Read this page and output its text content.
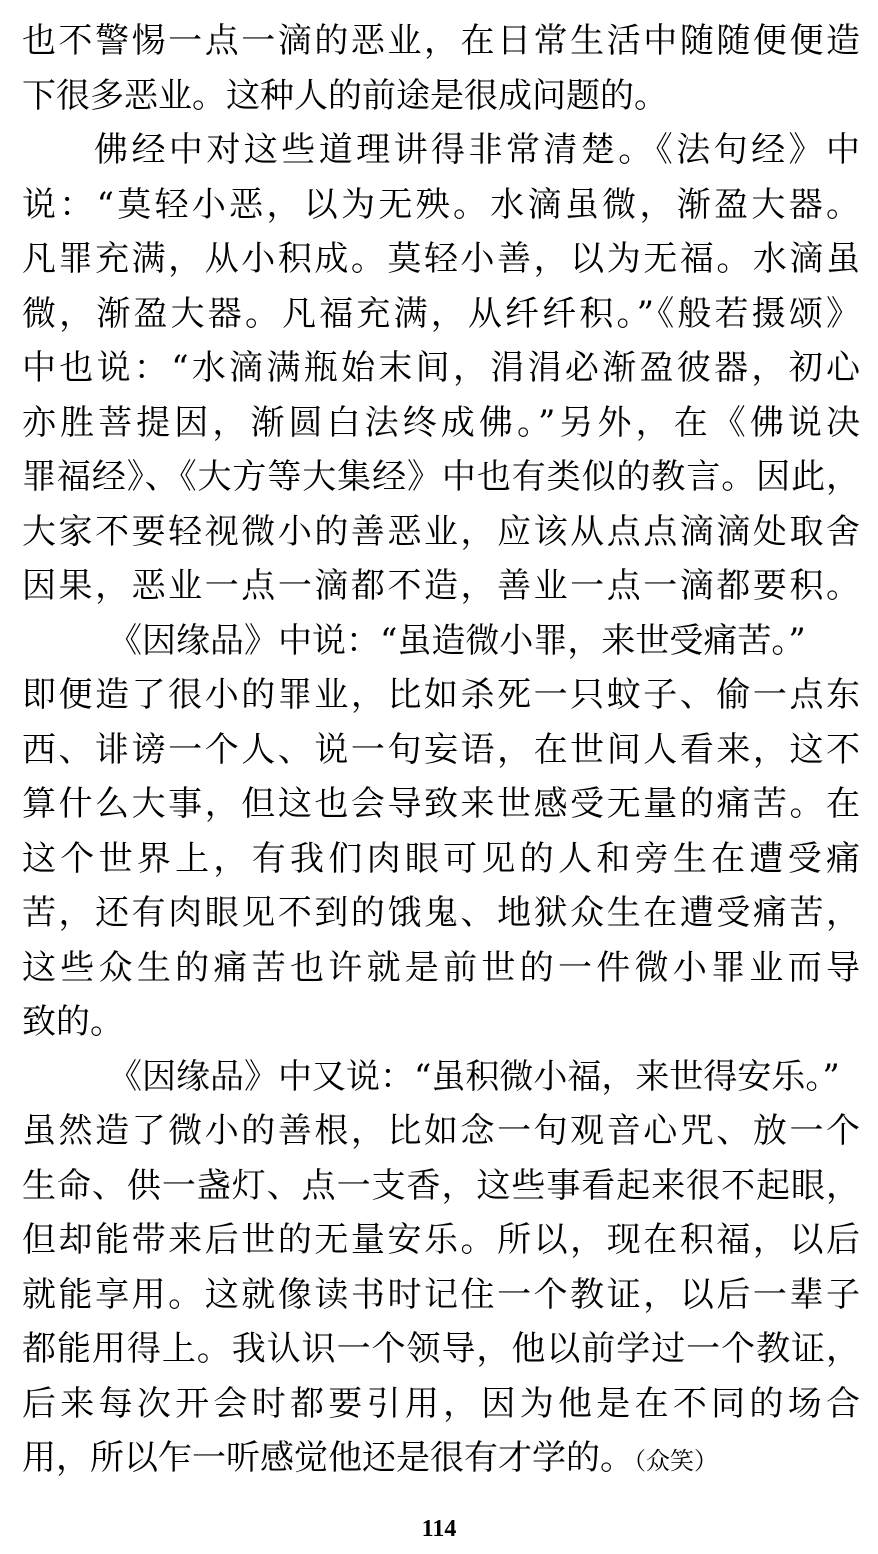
也不警惕一点一滴的恶业，在日常生活中随随便便造
下很多恶业。这种人的前途是很成问题的。
佛经中对这些道理讲得非常清楚。《法句经》中
说：“莫轻小恶，以为无殃。水滴虽微，渐盈大器。
凡罪充满，从小积成。莫轻小善，以为无福。水滴虽
微，渐盈大器。凡福充满，从纤纤积。”《般若摄颂》
中也说：“水滴满瓶始末间，涓涓必渐盈彼器，初心
亦胜菩提因，渐圆白法终成佛。”另外，在《佛说决
罪福经》、《大方等大集经》中也有类似的教言。因此，
大家不要轻视微小的善恶业，应该从点点滴滴处取舍
因果，恶业一点一滴都不造，善业一点一滴都要积。
《因缘品》中说：“虽造微小罪，来世受痛苦。”
即便造了很小的罪业，比如杀死一只蚊子、偷一点东
西、诽谤一个人、说一句妄语，在世间人看来，这不
算什么大事，但这也会导致来世感受无量的痛苦。在
这个世界上，有我们肉眼可见的人和旁生在遭受痛
苦，还有肉眼见不到的饿鬼、地狱众生在遭受痛苦，
这些众生的痛苦也许就是前世的一件微小罪业而导
致的。
《因缘品》中又说：“虽积微小福，来世得安乐。”
虽然造了微小的善根，比如念一句观音心咒、放一个
生命、供一盏灯、点一支香，这些事看起来很不起眼，
但却能带来后世的无量安乐。所以，现在积福，以后
就能享用。这就像读书时记住一个教证，以后一辈子
都能用得上。我认识一个领导，他以前学过一个教证，
后来每次开会时都要引用，因为他是在不同的场合
用，所以乍一听感觉他还是很有才学的。（众笑）
114
